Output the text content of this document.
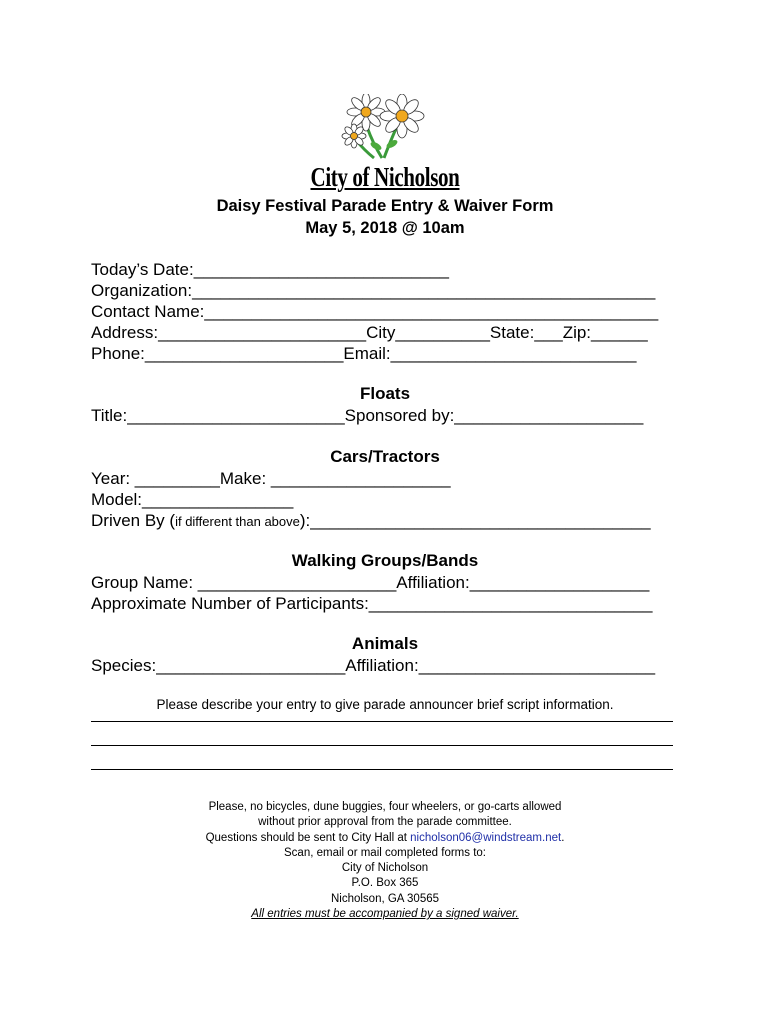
City of Nicholson
Daisy Festival Parade Entry & Waiver Form
May 5, 2018 @ 10am
Today’s Date:___________________________
Organization:_________________________________________________
Contact Name:________________________________________________
Address:______________________City__________State:___Zip:______
Phone:_____________________Email:__________________________
Floats
Title:_______________________Sponsored by:____________________
Cars/Tractors
Year: _________Make: ___________________
Model:________________
Driven By (if different than above):____________________________________
Walking Groups/Bands
Group Name: _____________________Affiliation:___________________
Approximate Number of Participants:______________________________
Animals
Species:____________________Affiliation:_________________________
Please describe your entry to give parade announcer brief script information.
Please, no bicycles, dune buggies, four wheelers, or go-carts allowed
without prior approval from the parade committee.
Questions should be sent to City Hall at nicholson06@windstream.net.
Scan, email or mail completed forms to:
City of Nicholson
P.O. Box 365
Nicholson, GA 30565
All entries must be accompanied by a signed waiver.
